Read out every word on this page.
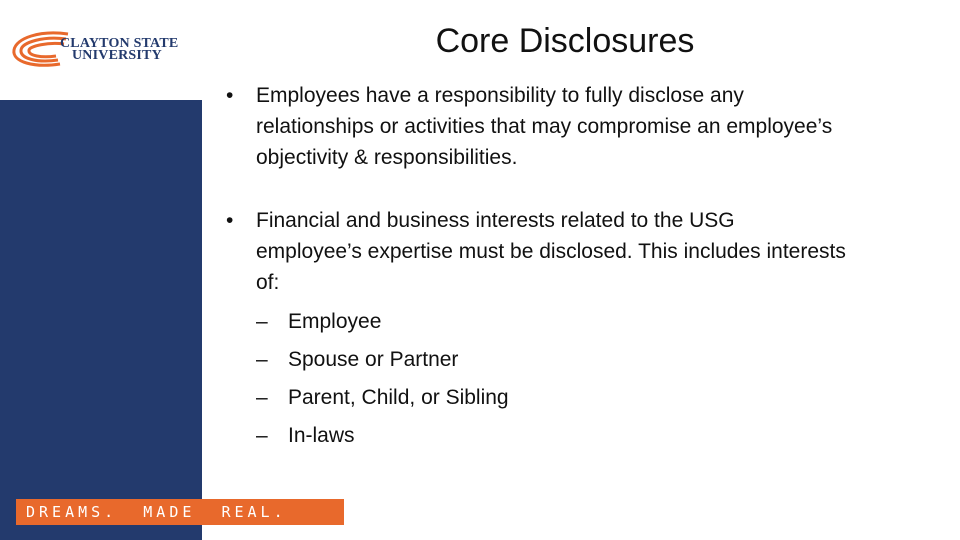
CLAYTON STATE
UNIVERSITY	Core Disclosures
•	Employees have a responsibility to fully disclose any relationships or activities that may compromise an employee’s objectivity & responsibilities.
•	Financial and business interests related to the USG employee’s expertise must be disclosed. This includes interests of:
– Employee
– Spouse or Partner
– Parent, Child, or Sibling
– In-laws
DREAMS.  MADE  REAL.
